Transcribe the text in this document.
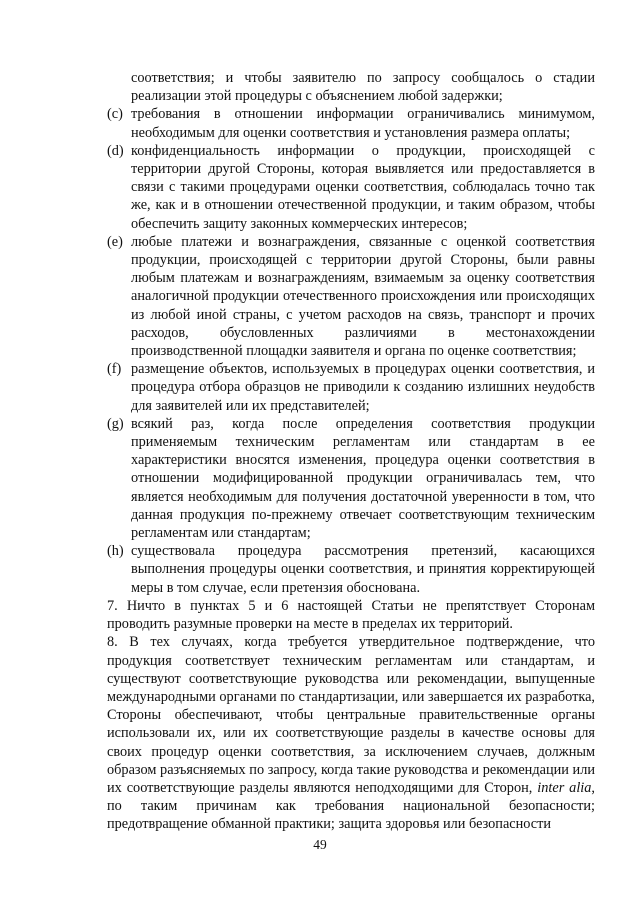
соответствия; и чтобы заявителю по запросу сообщалось о стадии реализации этой процедуры с объяснением любой задержки;
(c) требования в отношении информации ограничивались минимумом, необходимым для оценки соответствия и установления размера оплаты;
(d) конфиденциальность информации о продукции, происходящей с территории другой Стороны, которая выявляется или предоставляется в связи с такими процедурами оценки соответствия, соблюдалась точно так же, как и в отношении отечественной продукции, и таким образом, чтобы обеспечить защиту законных коммерческих интересов;
(e) любые платежи и вознаграждения, связанные с оценкой соответствия продукции, происходящей с территории другой Стороны, были равны любым платежам и вознаграждениям, взимаемым за оценку соответствия аналогичной продукции отечественного происхождения или происходящих из любой иной страны, с учетом расходов на связь, транспорт и прочих расходов, обусловленных различиями в местонахождении производственной площадки заявителя и органа по оценке соответствия;
(f) размещение объектов, используемых в процедурах оценки соответствия, и процедура отбора образцов не приводили к созданию излишних неудобств для заявителей или их представителей;
(g) всякий раз, когда после определения соответствия продукции применяемым техническим регламентам или стандартам в ее характеристики вносятся изменения, процедура оценки соответствия в отношении модифицированной продукции ограничивалась тем, что является необходимым для получения достаточной уверенности в том, что данная продукция по-прежнему отвечает соответствующим техническим регламентам или стандартам;
(h) существовала процедура рассмотрения претензий, касающихся выполнения процедуры оценки соответствия, и принятия корректирующей меры в том случае, если претензия обоснована.
7. Ничто в пунктах 5 и 6 настоящей Статьи не препятствует Сторонам проводить разумные проверки на месте в пределах их территорий.
8. В тех случаях, когда требуется утвердительное подтверждение, что продукция соответствует техническим регламентам или стандартам, и существуют соответствующие руководства или рекомендации, выпущенные международными органами по стандартизации, или завершается их разработка, Стороны обеспечивают, чтобы центральные правительственные органы использовали их, или их соответствующие разделы в качестве основы для своих процедур оценки соответствия, за исключением случаев, должным образом разъясняемых по запросу, когда такие руководства и рекомендации или их соответствующие разделы являются неподходящими для Сторон, inter alia, по таким причинам как требования национальной безопасности; предотвращение обманной практики; защита здоровья или безопасности
49
